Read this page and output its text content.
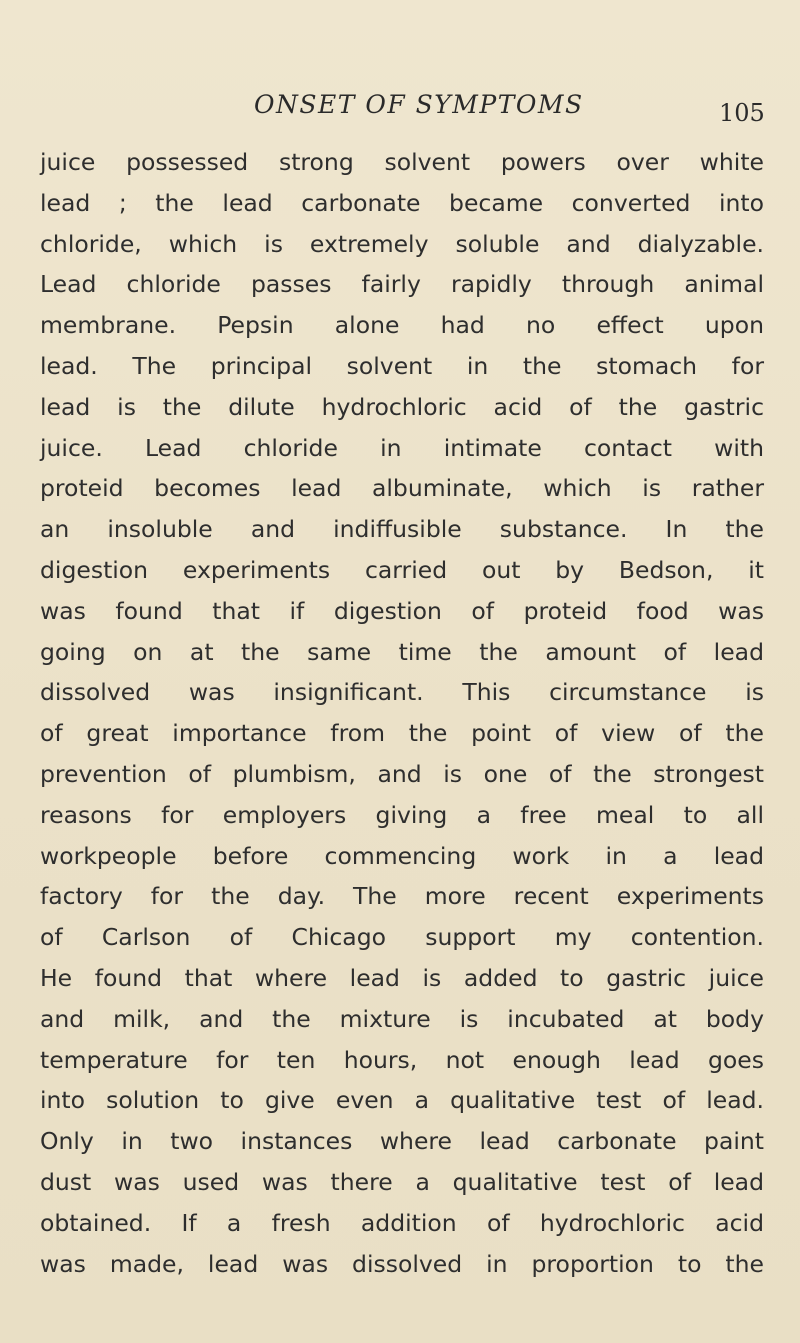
ONSET OF SYMPTOMS	105
juice possessed strong solvent powers over white
lead ; the lead carbonate became converted into
chloride, which is extremely soluble and dialyzable.
Lead chloride passes fairly rapidly through animal
membrane. Pepsin alone had no effect upon
lead. The principal solvent in the stomach for
lead is the dilute hydrochloric acid of the gastric
juice. Lead chloride in intimate contact with
proteid becomes lead albuminate, which is rather
an insoluble and indiffusible substance. In the
digestion experiments carried out by Bedson, it
was found that if digestion of proteid food was
going on at the same time the amount of lead
dissolved was insignificant. This circumstance is
of great importance from the point of view of the
prevention of plumbism, and is one of the strongest
reasons for employers giving a free meal to all
workpeople before commencing work in a lead
factory for the day. The more recent experiments
of Carlson of Chicago support my contention.
He found that where lead is added to gastric juice
and milk, and the mixture is incubated at body
temperature for ten hours, not enough lead goes
into solution to give even a qualitative test of lead.
Only in two instances where lead carbonate paint
dust was used was there a qualitative test of lead
obtained. If a fresh addition of hydrochloric acid
was made, lead was dissolved in proportion to the
